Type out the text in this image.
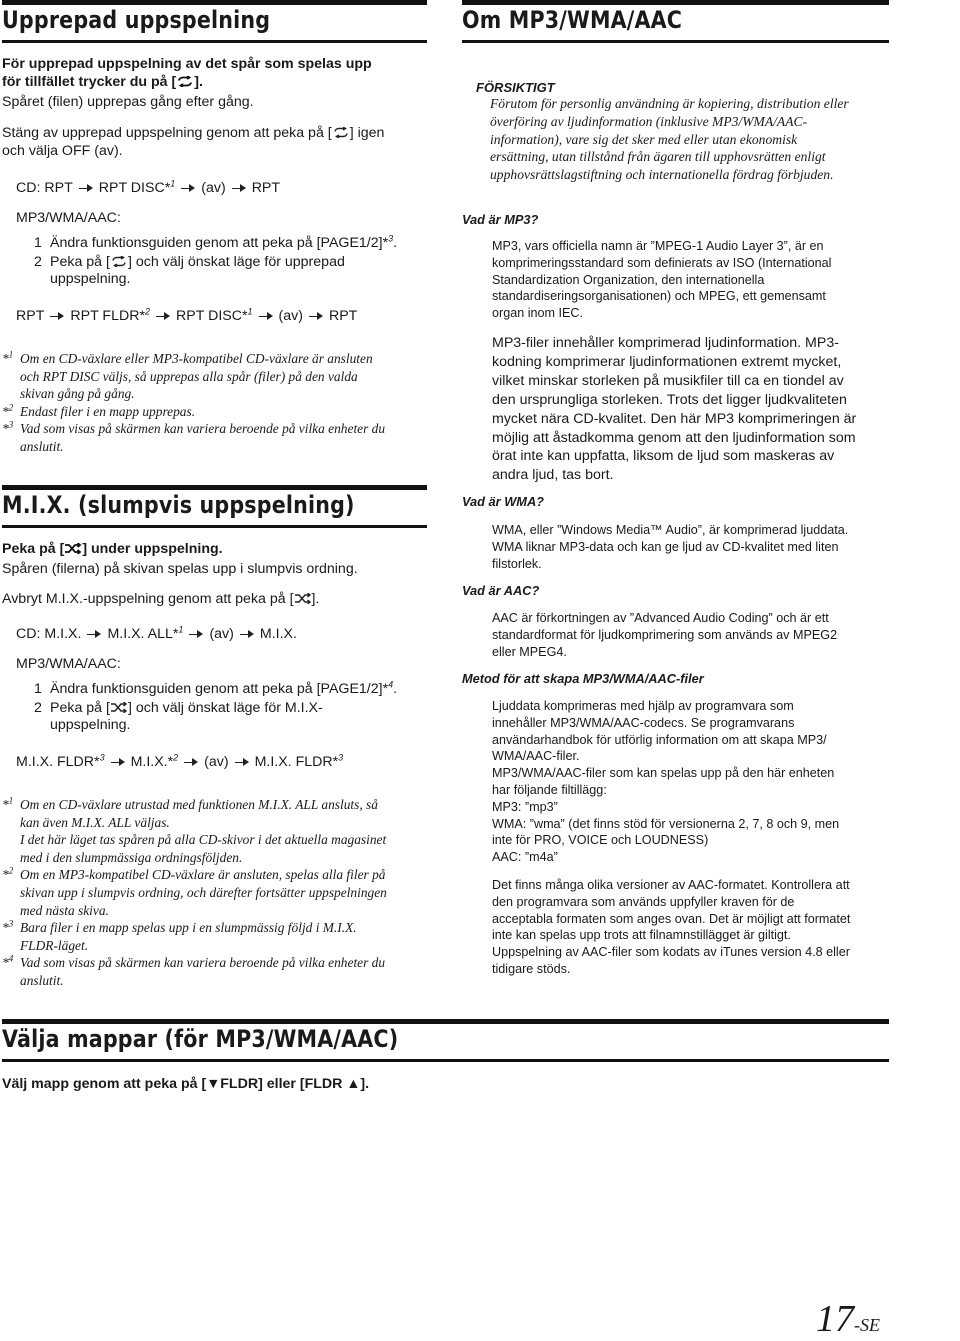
Upprepad uppspelning

För upprepad uppspelning av det spår som spelas upp
för tillfället trycker du på [ ].

Spåret (filen) upprepas gång efter gång.

Stäng av upprepad uppspelning genom att peka på [ ] igen
och välja OFF (av).

CD: RPT RPT DISC*$^1$ (av) RPT

MP3/WMA/AAC:

1 Ändra funktionsguiden genom att peka på [PAGE1/2]*$^3$.
2 Peka på [ ] och välj önskat läge för upprepad
uppspelning.

RPT RPT FLDR*$^2$ RPT DISC*$^1$ (av) RPT

*$^1$ Om en CD-växlare eller MP3-kompatibel CD-växlare är ansluten
och RPT DISC väljs, så upprepas alla spår (filer) på den valda
skivan gång på gång.
*$^2$ Endast filer i en mapp upprepas.
*$^3$ Vad som visas på skärmen kan variera beroende på vilka enheter du
anslutit.
M.I.X. (slumpvis uppspelning)

Peka på [ ] under uppspelning.

Spåren (filerna) på skivan spelas upp i slumpvis ordning.

Avbryt M.I.X.-uppspelning genom att peka på [ ].

CD: M.I.X. M.I.X. ALL*$^1$ (av) M.I.X.

MP3/WMA/AAC:

1 Ändra funktionsguiden genom att peka på [PAGE1/2]*$^4$.
2 Peka på [ ] och välj önskat läge för M.I.X-
uppspelning.

M.I.X. FLDR*$^3$ M.I.X.*$^2$ (av) M.I.X. FLDR*$^3$

*$^1$ Om en CD-växlare utrustad med funktionen M.I.X. ALL ansluts, så
kan även M.I.X. ALL väljas.
I det här läget tas spåren på alla CD-skivor i det aktuella magasinet
med i den slumpmässiga ordningsföljden.
*$^2$ Om en MP3-kompatibel CD-växlare är ansluten, spelas alla filer på
skivan upp i slumpvis ordning, och därefter fortsätter uppspelningen
med nästa skiva.
*$^3$ Bara filer i en mapp spelas upp i en slumpmässig följd i M.I.X.
FLDR-läget.
*$^4$ Vad som visas på skärmen kan variera beroende på vilka enheter du
anslutit.
Välja mappar (för MP3/WMA/AAC)

Välj mapp genom att peka på [▼FLDR] eller [FLDR ▲].

Om MP3/WMA/AAC
FÖRSIKTIGT
Förutom för personlig användning är kopiering, distribution eller
överföring av ljudinformation (inklusive MP3/WMA/AAC-
information), vare sig det sker med eller utan ekonomisk
ersättning, utan tillstånd från ägaren till upphovsrätten enligt
upphovsrättslagstiftning och internationella fördrag förbjuden.
Vad är MP3?
MP3, vars officiella namn är ”MPEG-1 Audio Layer 3”, är en
komprimeringsstandard som definierats av ISO (International
Standardization Organization, den internationella
standardiseringsorganisationen) och MPEG, ett gemensamt
organ inom IEC.
MP3-filer innehåller komprimerad ljudinformation. MP3-
kodning komprimerar ljudinformationen extremt mycket,
vilket minskar storleken på musikfiler till ca en tiondel av
den ursprungliga storleken. Trots det ligger ljudkvaliteten
mycket nära CD-kvalitet. Den här MP3 komprimeringen är
möjlig att åstadkomma genom att den ljudinformation som
örat inte kan uppfatta, liksom de ljud som maskeras av
andra ljud, tas bort.
Vad är WMA?
WMA, eller ”Windows Media™ Audio”, är komprimerad ljuddata.
WMA liknar MP3-data och kan ge ljud av CD-kvalitet med liten
filstorlek.
Vad är AAC?
AAC är förkortningen av ”Advanced Audio Coding” och är ett
standardformat för ljudkomprimering som används av MPEG2
eller MPEG4.
Metod för att skapa MP3/WMA/AAC-filer
Ljuddata komprimeras med hjälp av programvara som
innehåller MP3/WMA/AAC-codecs. Se programvarans
användarhandbok för utförlig information om att skapa MP3/
WMA/AAC-filer.
MP3/WMA/AAC-filer som kan spelas upp på den här enheten
har följande filtillägg:
MP3: ”mp3”
WMA: ”wma” (det finns stöd för versionerna 2, 7, 8 och 9, men
inte för PRO, VOICE och LOUDNESS)
AAC: ”m4a”
Det finns många olika versioner av AAC-formatet. Kontrollera att
den programvara som används uppfyller kraven för de
acceptabla formaten som anges ovan. Det är möjligt att formatet
inte kan spelas upp trots att filnamnstillägget är giltigt.
Uppspelning av AAC-filer som kodats av iTunes version 4.8 eller
tidigare stöds.
17-SE
